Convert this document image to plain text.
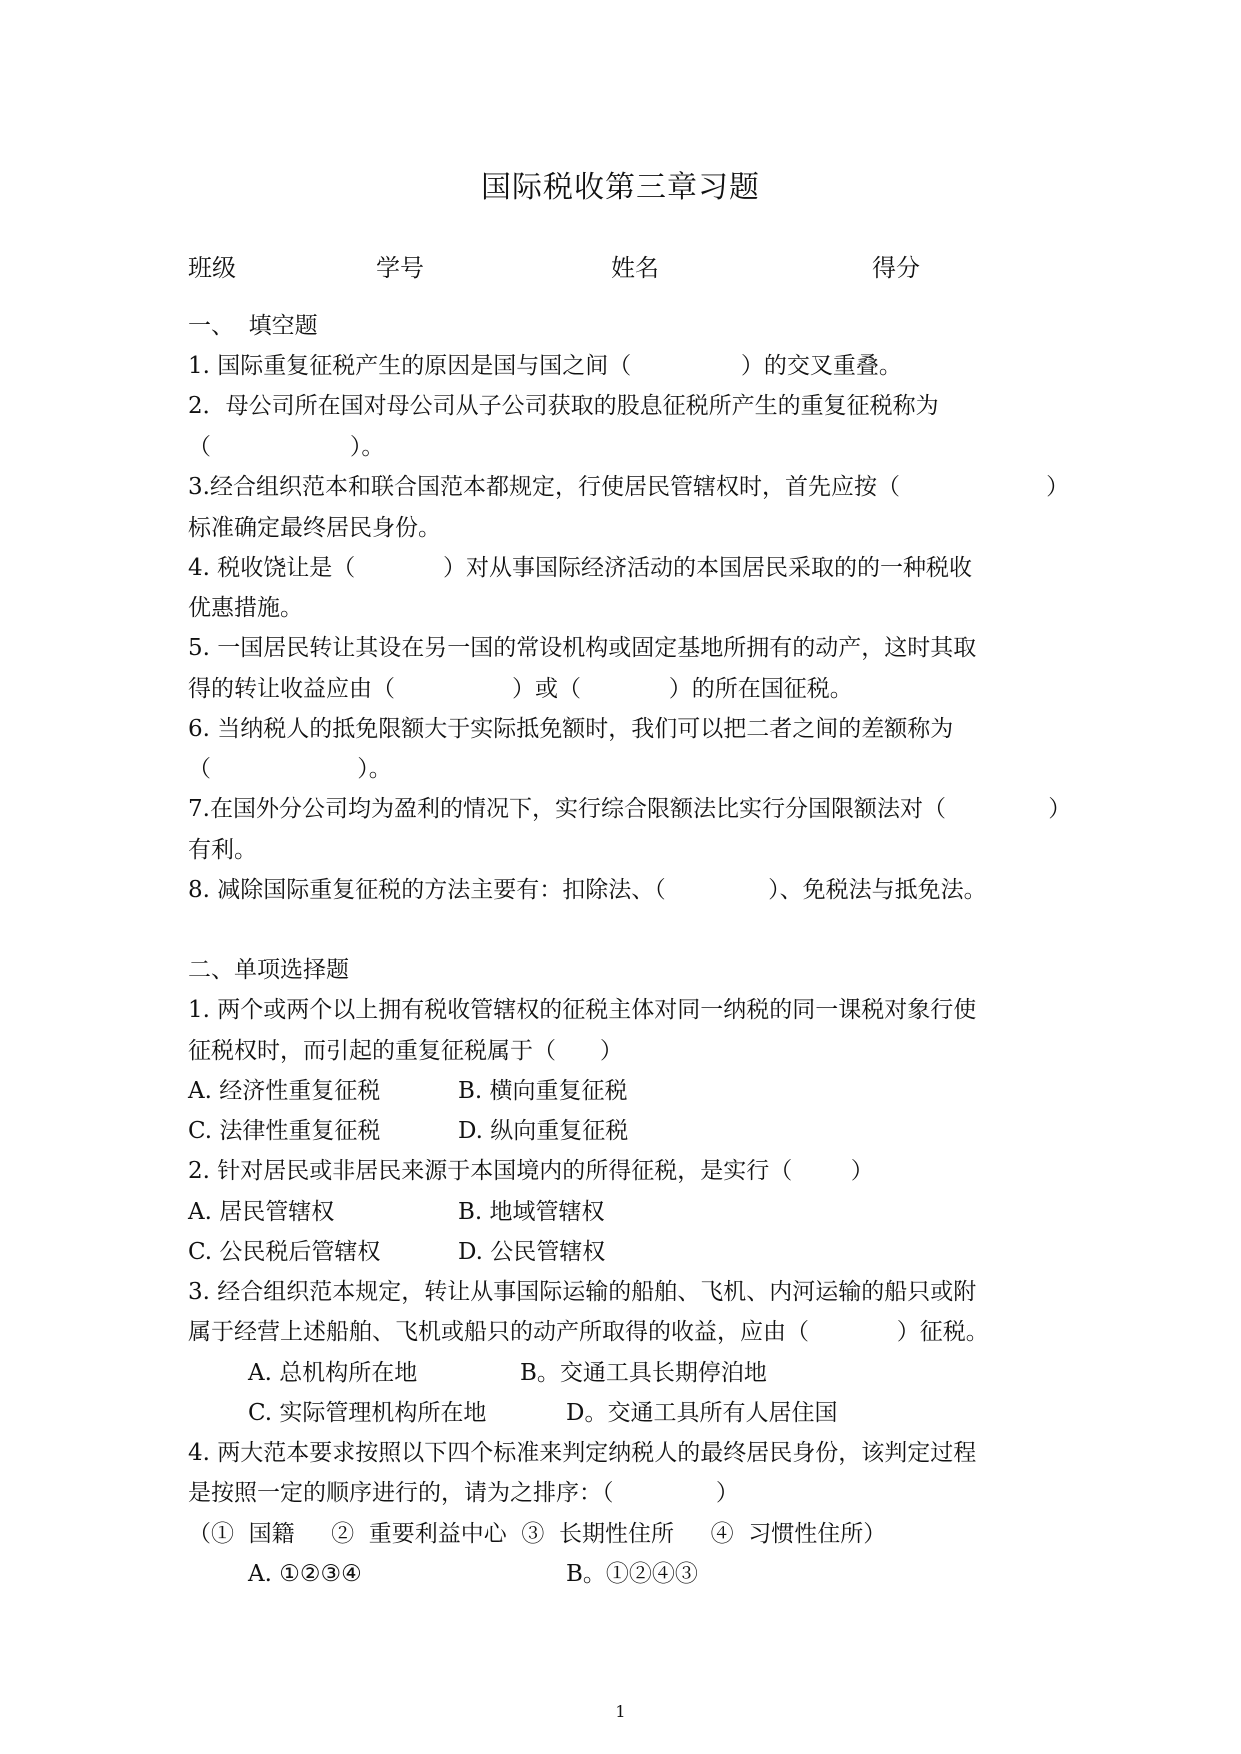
国际税收第三章习题
班级	学号	姓名	得分
一、  填空题
1. 国际重复征税产生的原因是国与国之间（               ）的交叉重叠。
2．母公司所在国对母公司从子公司获取的股息征税所产生的重复征税称为
（                   ）。
3.经合组织范本和联合国范本都规定，行使居民管辖权时，首先应按（                    ）
标准确定最终居民身份。
4. 税收饶让是（            ）对从事国际经济活动的本国居民采取的的一种税收
优惠措施。
5. 一国居民转让其设在另一国的常设机构或固定基地所拥有的动产，这时其取
得的转让收益应由（                ）或（            ）的所在国征税。
6. 当纳税人的抵免限额大于实际抵免额时，我们可以把二者之间的差额称为
（                    ）。
7.在国外分公司均为盈利的情况下，实行综合限额法比实行分国限额法对（              ）
有利。
8. 减除国际重复征税的方法主要有：扣除法、（              ）、免税法与抵免法。
二、单项选择题
1. 两个或两个以上拥有税收管辖权的征税主体对同一纳税的同一课税对象行使
征税权时，而引起的重复征税属于（      ）
A. 经济性重复征税	B. 横向重复征税
C. 法律性重复征税	D. 纵向重复征税
2. 针对居民或非居民来源于本国境内的所得征税，是实行（        ）
A. 居民管辖权	B. 地域管辖权
C. 公民税后管辖权	D. 公民管辖权
3. 经合组织范本规定，转让从事国际运输的船舶、飞机、内河运输的船只或附
属于经营上述船舶、飞机或船只的动产所取得的收益，应由（            ）征税。
A. 总机构所在地	B。交通工具长期停泊地
C. 实际管理机构所在地	D。交通工具所有人居住国
4. 两大范本要求按照以下四个标准来判定纳税人的最终居民身份，该判定过程
是按照一定的顺序进行的，请为之排序：（              ）
（①  国籍     ②  重要利益中心  ③  长期性住所     ④  习惯性住所）
A. ①②③④	B。①②④③
1
